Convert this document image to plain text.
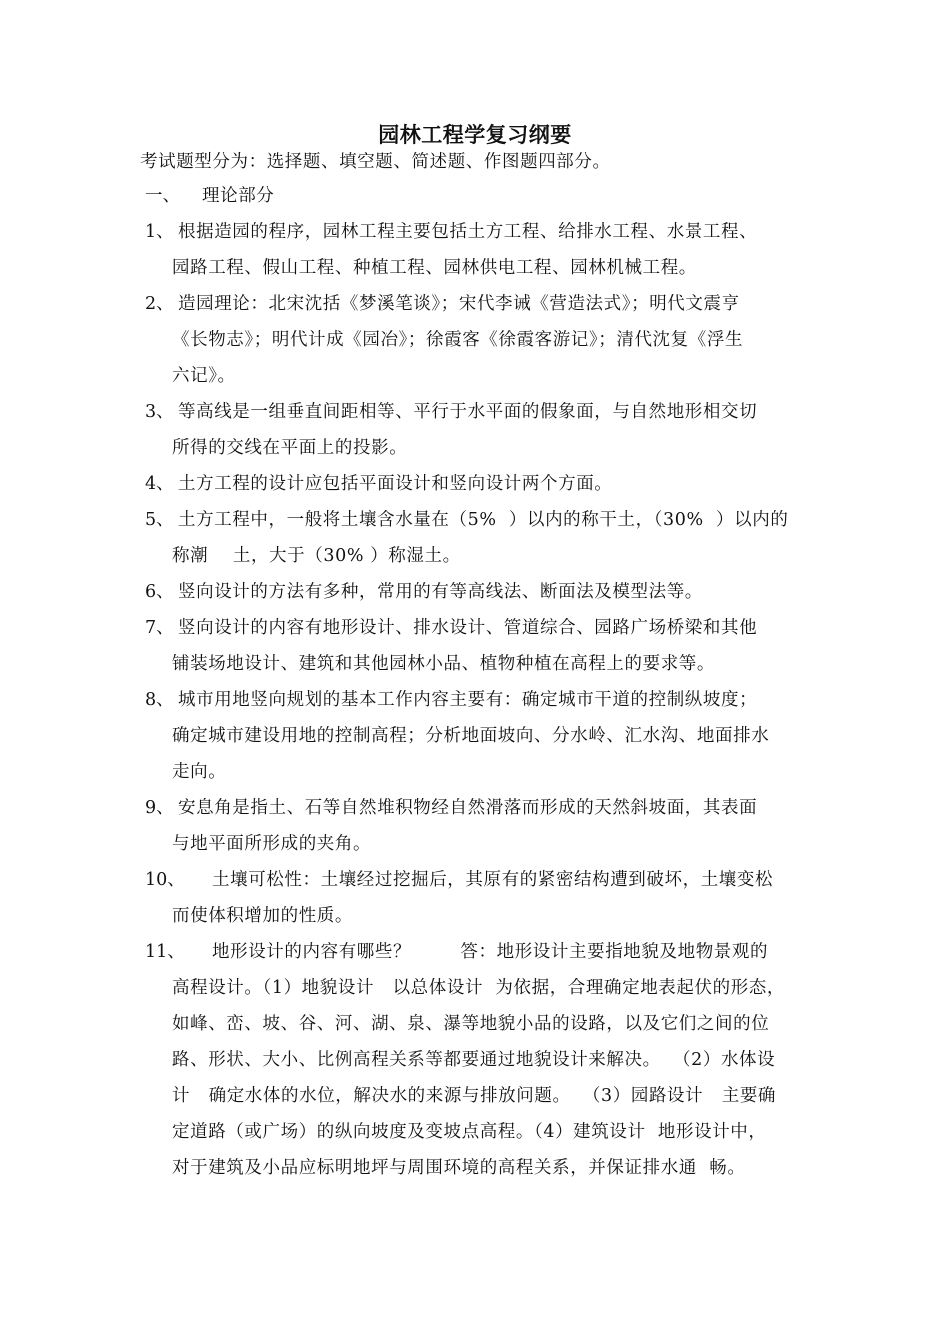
园林工程学复习纲要
考试题型分为：选择题、填空题、简述题、作图题四部分。
一、 理论部分
1、 根据造园的程序，园林工程主要包括土方工程、给排水工程、水景工程、
园路工程、假山工程、种植工程、园林供电工程、园林机械工程。
2、 造园理论：北宋沈括《梦溪笔谈》；宋代李诫《营造法式》；明代文震亨
《长物志》；明代计成《园冶》；徐霞客《徐霞客游记》；清代沈复《浮生
六记》。
3、 等高线是一组垂直间距相等、平行于水平面的假象面，与自然地形相交切
所得的交线在平面上的投影。
4、 土方工程的设计应包括平面设计和竖向设计两个方面。
5、 土方工程中，一般将土壤含水量在（5%  ）以内的称干土，（30%  ）以内的
称潮    土，大于（30% ）称湿土。
6、 竖向设计的方法有多种，常用的有等高线法、断面法及模型法等。
7、 竖向设计的内容有地形设计、排水设计、管道综合、园路广场桥梁和其他
铺装场地设计、建筑和其他园林小品、植物种植在高程上的要求等。
8、 城市用地竖向规划的基本工作内容主要有：确定城市干道的控制纵坡度；
确定城市建设用地的控制高程；分析地面坡向、分水岭、汇水沟、地面排水
走向。
9、 安息角是指土、石等自然堆积物经自然滑落而形成的天然斜坡面，其表面
与地平面所形成的夹角。
10、 土壤可松性：土壤经过挖掘后，其原有的紧密结构遭到破坏，土壤变松
而使体积增加的性质。
11、 地形设计的内容有哪些？        答：地形设计主要指地貌及地物景观的
高程设计。（1）地貌设计   以总体设计  为依据，合理确定地表起伏的形态，
如峰、峦、坡、谷、河、湖、泉、瀑等地貌小品的设路，以及它们之间的位
路、形状、大小、比例高程关系等都要通过地貌设计来解决。  （2）水体设
计   确定水体的水位，解决水的来源与排放问题。  （3）园路设计   主要确
定道路（或广场）的纵向坡度及变坡点高程。（4）建筑设计  地形设计中，
对于建筑及小品应标明地坪与周围环境的高程关系，并保证排水通  畅。
